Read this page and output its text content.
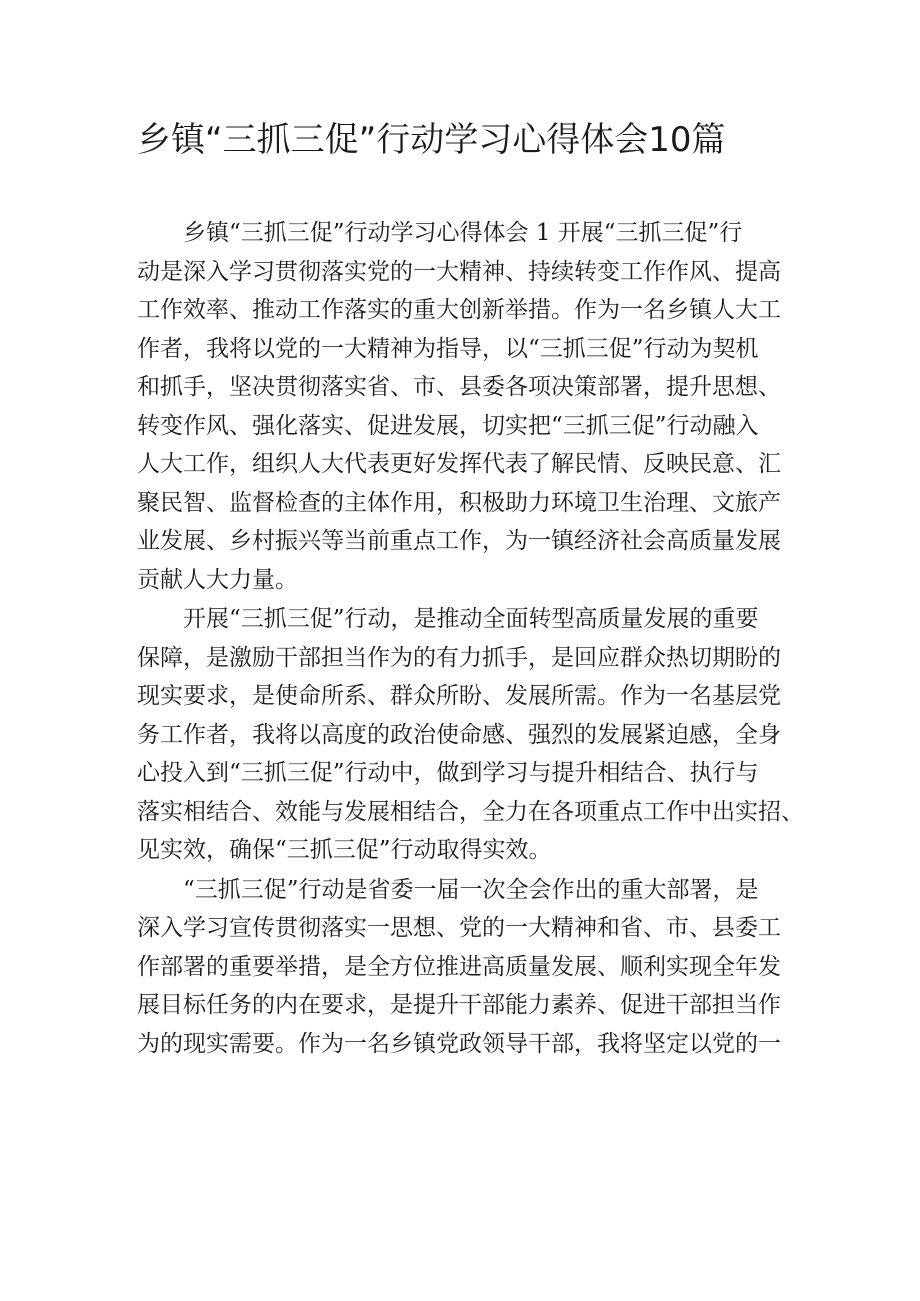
乡镇“三抓三促”行动学习心得体会10篇
乡镇“三抓三促”行动学习心得体会 1 开展“三抓三促”行
动是深入学习贯彻落实党的一大精神、持续转变工作作风、提高
工作效率、推动工作落实的重大创新举措。作为一名乡镇人大工
作者，我将以党的一大精神为指导，以“三抓三促”行动为契机
和抓手，坚决贯彻落实省、市、县委各项决策部署，提升思想、
转变作风、强化落实、促进发展，切实把“三抓三促”行动融入
人大工作，组织人大代表更好发挥代表了解民情、反映民意、汇
聚民智、监督检查的主体作用，积极助力环境卫生治理、文旅产
业发展、乡村振兴等当前重点工作，为一镇经济社会高质量发展
贡献人大力量。
开展“三抓三促”行动，是推动全面转型高质量发展的重要
保障，是激励干部担当作为的有力抓手，是回应群众热切期盼的
现实要求，是使命所系、群众所盼、发展所需。作为一名基层党
务工作者，我将以高度的政治使命感、强烈的发展紧迫感，全身
心投入到“三抓三促”行动中，做到学习与提升相结合、执行与
落实相结合、效能与发展相结合，全力在各项重点工作中出实招、
见实效，确保“三抓三促”行动取得实效。
“三抓三促”行动是省委一届一次全会作出的重大部署，是
深入学习宣传贯彻落实一思想、党的一大精神和省、市、县委工
作部署的重要举措，是全方位推进高质量发展、顺利实现全年发
展目标任务的内在要求，是提升干部能力素养、促进干部担当作
为的现实需要。作为一名乡镇党政领导干部，我将坚定以党的一
